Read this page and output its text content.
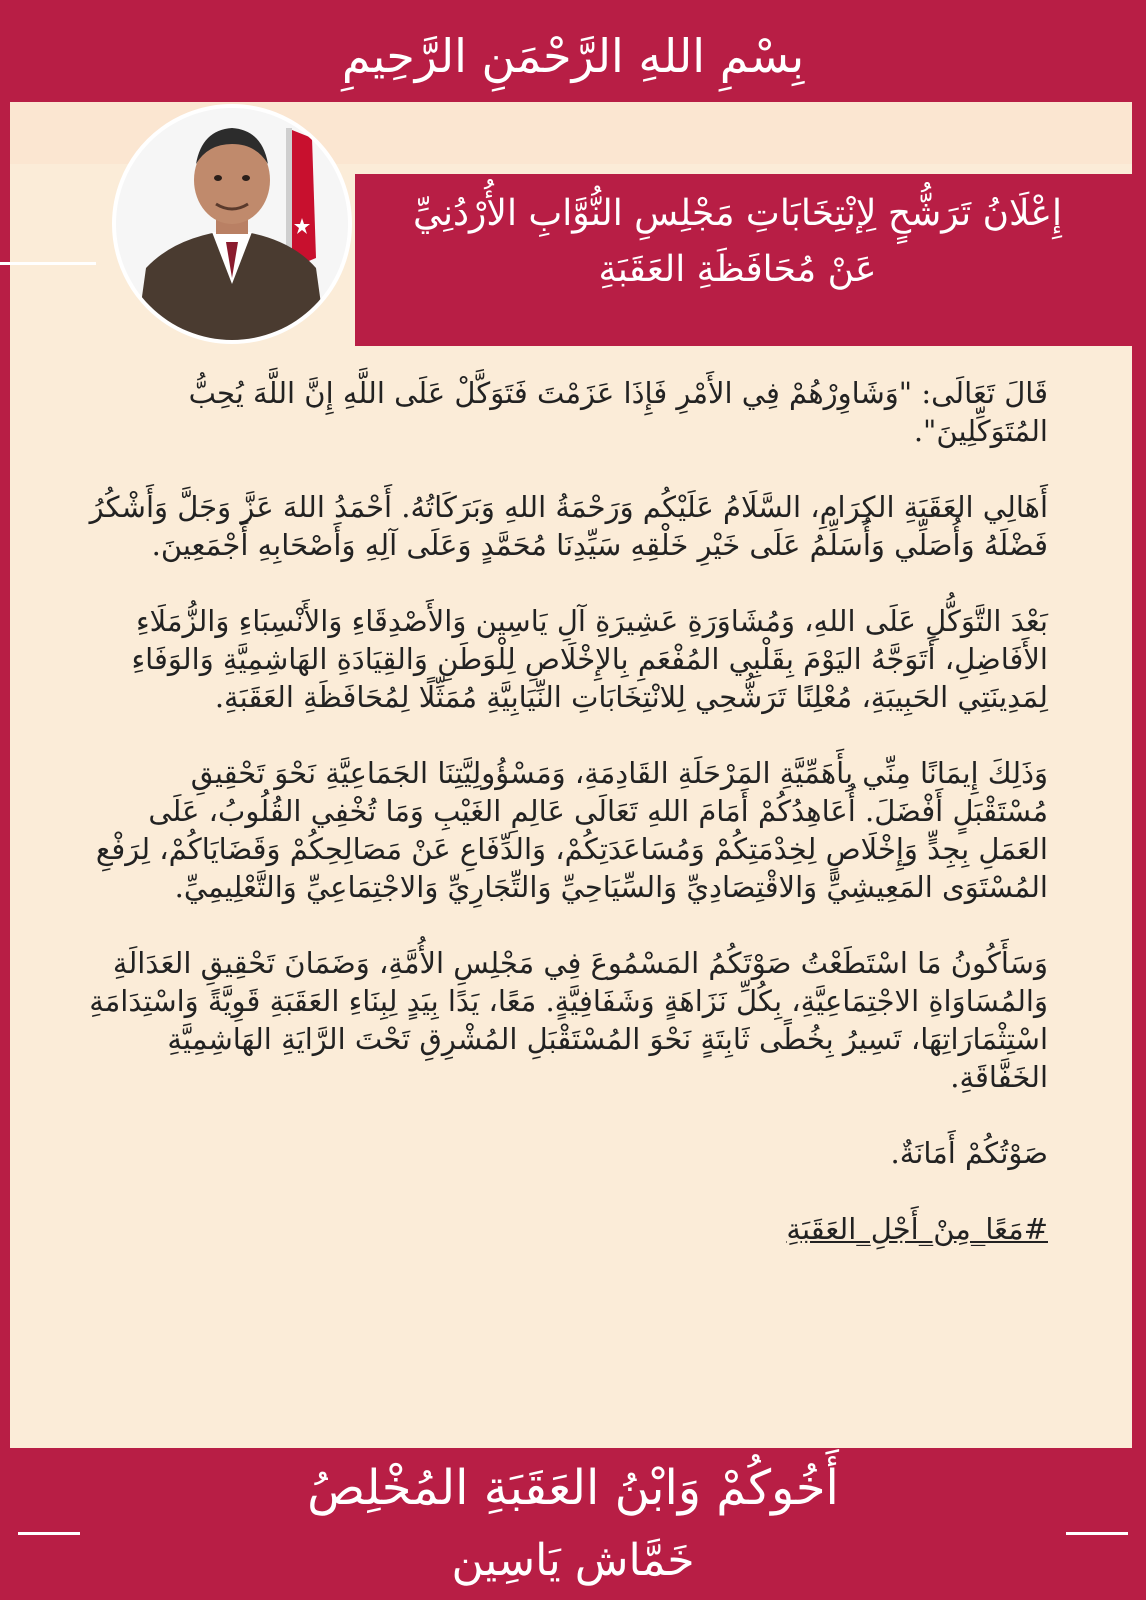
بِسْمِ اللهِ الرَّحْمَنِ الرَّحِيمِ
إِعْلَانُ تَرَشُّحٍ لِإنْتِخَابَاتِ مَجْلِسِ النُّوَّابِ الأُرْدُنِيِّ
عَنْ مُحَافَظَةِ العَقَبَةِ

قَالَ تَعَالَى: "وَشَاوِرْهُمْ فِي الأَمْرِ فَإِذَا عَزَمْتَ فَتَوَكَّلْ عَلَى اللَّهِ إِنَّ اللَّهَ يُحِبُّ المُتَوَكِّلِينَ".

أَهَالِي العَقَبَةِ الكِرَامِ، السَّلَامُ عَلَيْكُم وَرَحْمَةُ اللهِ وَبَرَكَاتُهُ. أَحْمَدُ اللهَ عَزَّ وَجَلَّ وَأَشْكُرُ فَضْلَهُ وَأُصَلِّي وَأُسَلِّمُ عَلَى خَيْرِ خَلْقِهِ سَيِّدِنَا مُحَمَّدٍ وَعَلَى آلِهِ وَأَصْحَابِهِ أَجْمَعِينَ.

بَعْدَ التَّوَكُّلِ عَلَى اللهِ، وَمُشَاوَرَةِ عَشِيرَةِ آلِ يَاسِين وَالأَصْدِقَاءِ وَالأَنْسِبَاءِ وَالزُّمَلَاءِ الأَفَاضِلِ، أَتَوَجَّهُ اليَوْمَ بِقَلْبِي المُفْعَمِ بِالإِخْلَاصِ لِلْوَطَنِ وَالقِيَادَةِ الهَاشِمِيَّةِ وَالوَفَاءِ لِمَدِينَتِي الحَبِيبَةِ، مُعْلِنًا تَرَشُّحِي لِلانْتِخَابَاتِ النِّيَابِيَّةِ مُمَثِّلًا لِمُحَافَظَةِ العَقَبَةِ.

وَذَلِكَ إِيمَانًا مِنِّي بِأَهَمِّيَّةِ المَرْحَلَةِ القَادِمَةِ، وَمَسْؤُولِيَّتِنَا الجَمَاعِيَّةِ نَحْوَ تَحْقِيقِ مُسْتَقْبَلٍ أَفْضَلَ. أُعَاهِدُكُمْ أَمَامَ اللهِ تَعَالَى عَالِمِ الغَيْبِ وَمَا تُخْفِي القُلُوبُ، عَلَى العَمَلِ بِجِدٍّ وَإِخْلَاصٍ لِخِدْمَتِكُمْ وَمُسَاعَدَتِكُمْ، وَالدِّفَاعِ عَنْ مَصَالِحِكُمْ وَقَضَايَاكُمْ، لِرَفْعِ المُسْتَوَى المَعِيشِيِّ وَالاقْتِصَادِيِّ وَالسِّيَاحِيِّ وَالتِّجَارِيِّ وَالاجْتِمَاعِيِّ وَالتَّعْلِيمِيِّ.

وَسَأَكُونُ مَا اسْتَطَعْتُ صَوْتَكُمُ المَسْمُوعَ فِي مَجْلِسِ الأُمَّةِ، وَضَمَانَ تَحْقِيقِ العَدَالَةِ وَالمُسَاوَاةِ الاجْتِمَاعِيَّةِ، بِكُلِّ نَزَاهَةٍ وَشَفَافِيَّةٍ. مَعًا، يَدًا بِيَدٍ لِبِنَاءِ العَقَبَةِ قَوِيَّةً وَاسْتِدَامَةِ اسْتِثْمَارَاتِهَا، تَسِيرُ بِخُطًى ثَابِتَةٍ نَحْوَ المُسْتَقْبَلِ المُشْرِقِ تَحْتَ الرَّايَةِ الهَاشِمِيَّةِ الخَفَّاقَةِ.

صَوْتُكُمْ أَمَانَةٌ.

#مَعًا_مِنْ_أَجْلِ_العَقَبَةِ

أَخُوكُمْ وَابْنُ العَقَبَةِ المُخْلِصُ
خَمَّاش يَاسِين
